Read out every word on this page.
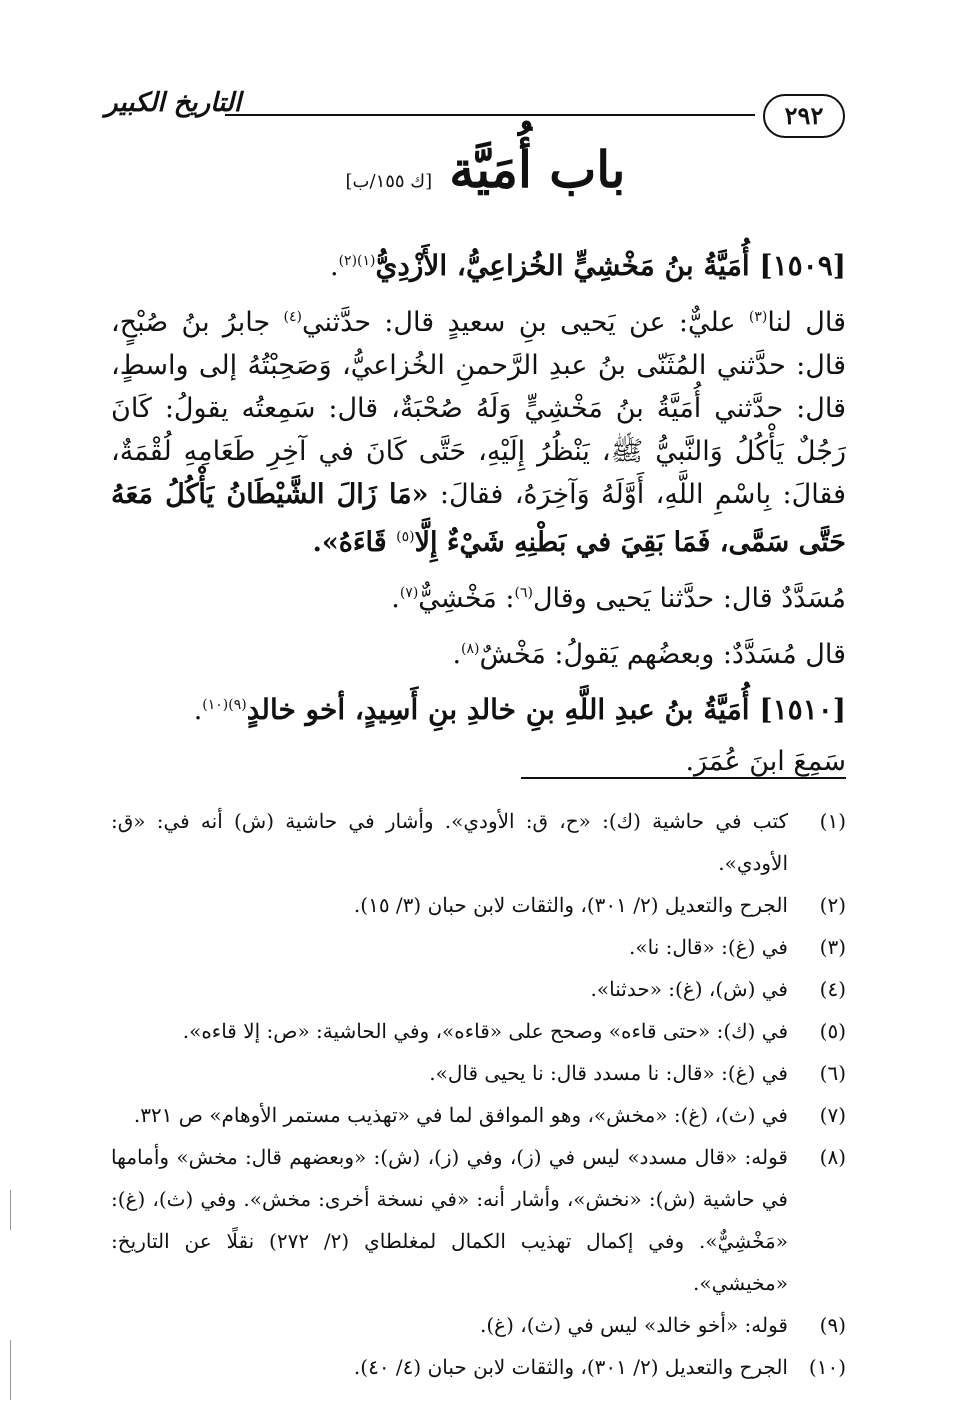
٢٩٢
التاريخ الكبير
باب أُمَيَّة [ك ١٥٥/ب]

[١٥٠٩] أُمَيَّةُ بنُ مَخْشِيٍّ الخُزاعِيُّ، الأَزْدِيُّ$^{(١)(٢)}$.

قال لنا$^{(٣)}$ عليٌّ: عن يَحيى بنِ سعيدٍ قال: حدَّثني$^{(٤)}$ جابرُ بنُ صُبْحٍ، قال: حدَّثني المُثَنّى بنُ عبدِ الرَّحمنِ الخُزاعيُّ، وَصَحِبْتُهُ إلى واسطٍ، قال: حدَّثني أُمَيَّةُ بنُ مَخْشِيٍّ وَلَهُ صُحْبَةٌ، قال: سَمِعتُه يقولُ: كَانَ رَجُلٌ يَأْكُلُ وَالنَّبيُّ ﷺ، يَنْظُرُ إِلَيْهِ، حَتَّى كَانَ في آخِرِ طَعَامِهِ لُقْمَةٌ، فقالَ: بِاسْمِ اللَّهِ، أَوَّلَهُ وَآخِرَهُ، فقالَ: «مَا زَالَ الشَّيْطَانُ يَأْكُلُ مَعَهُ حَتَّى سَمَّى، فَمَا بَقِيَ في بَطْنِهِ شَيْءٌ إِلَّا$^{(٥)}$ قَاءَهُ».

مُسَدَّدٌ قال: حدَّثنا يَحيى وقال$^{(٦)}$: مَخْشِيٌّ$^{(٧)}$.

قال مُسَدَّدٌ: وبعضُهم يَقولُ: مَخْشٌ$^{(٨)}$.

[١٥١٠] أُمَيَّةُ بنُ عبدِ اللَّهِ بنِ خالدِ بنِ أَسِيدٍ، أخو خالدٍ$^{(٩)(١٠)}$.

سَمِعَ ابنَ عُمَرَ.

(١)
كتب في حاشية (ك): «ح، ق: الأودي». وأشار في حاشية (ش) أنه في: «ق: الأودي».
(٢)
الجرح والتعديل (٢/ ٣٠١)، والثقات لابن حبان (٣/ ١٥).
(٣)
في (غ): «قال: نا».
(٤)
في (ش)، (غ): «حدثنا».
(٥)
في (ك): «حتى قاءه» وصحح على «قاءه»، وفي الحاشية: «ص: إلا قاءه».
(٦)
في (غ): «قال: نا مسدد قال: نا يحيى قال».
(٧)
في (ث)، (غ): «مخش»، وهو الموافق لما في «تهذيب مستمر الأوهام» ص ٣٢١.
(٨)
قوله: «قال مسدد» ليس في (ز)، وفي (ز)، (ش): «وبعضهم قال: مخش» وأمامها في حاشية (ش): «نخش»، وأشار أنه: «في نسخة أخرى: مخش». وفي (ث)، (غ): «مَخْشِيٌّ». وفي إكمال تهذيب الكمال لمغلطاي (٢/ ٢٧٢) نقلًا عن التاريخ: «مخيشي».
(٩)
قوله: «أخو خالد» ليس في (ث)، (غ).
(١٠)
الجرح والتعديل (٢/ ٣٠١)، والثقات لابن حبان (٤/ ٤٠).
